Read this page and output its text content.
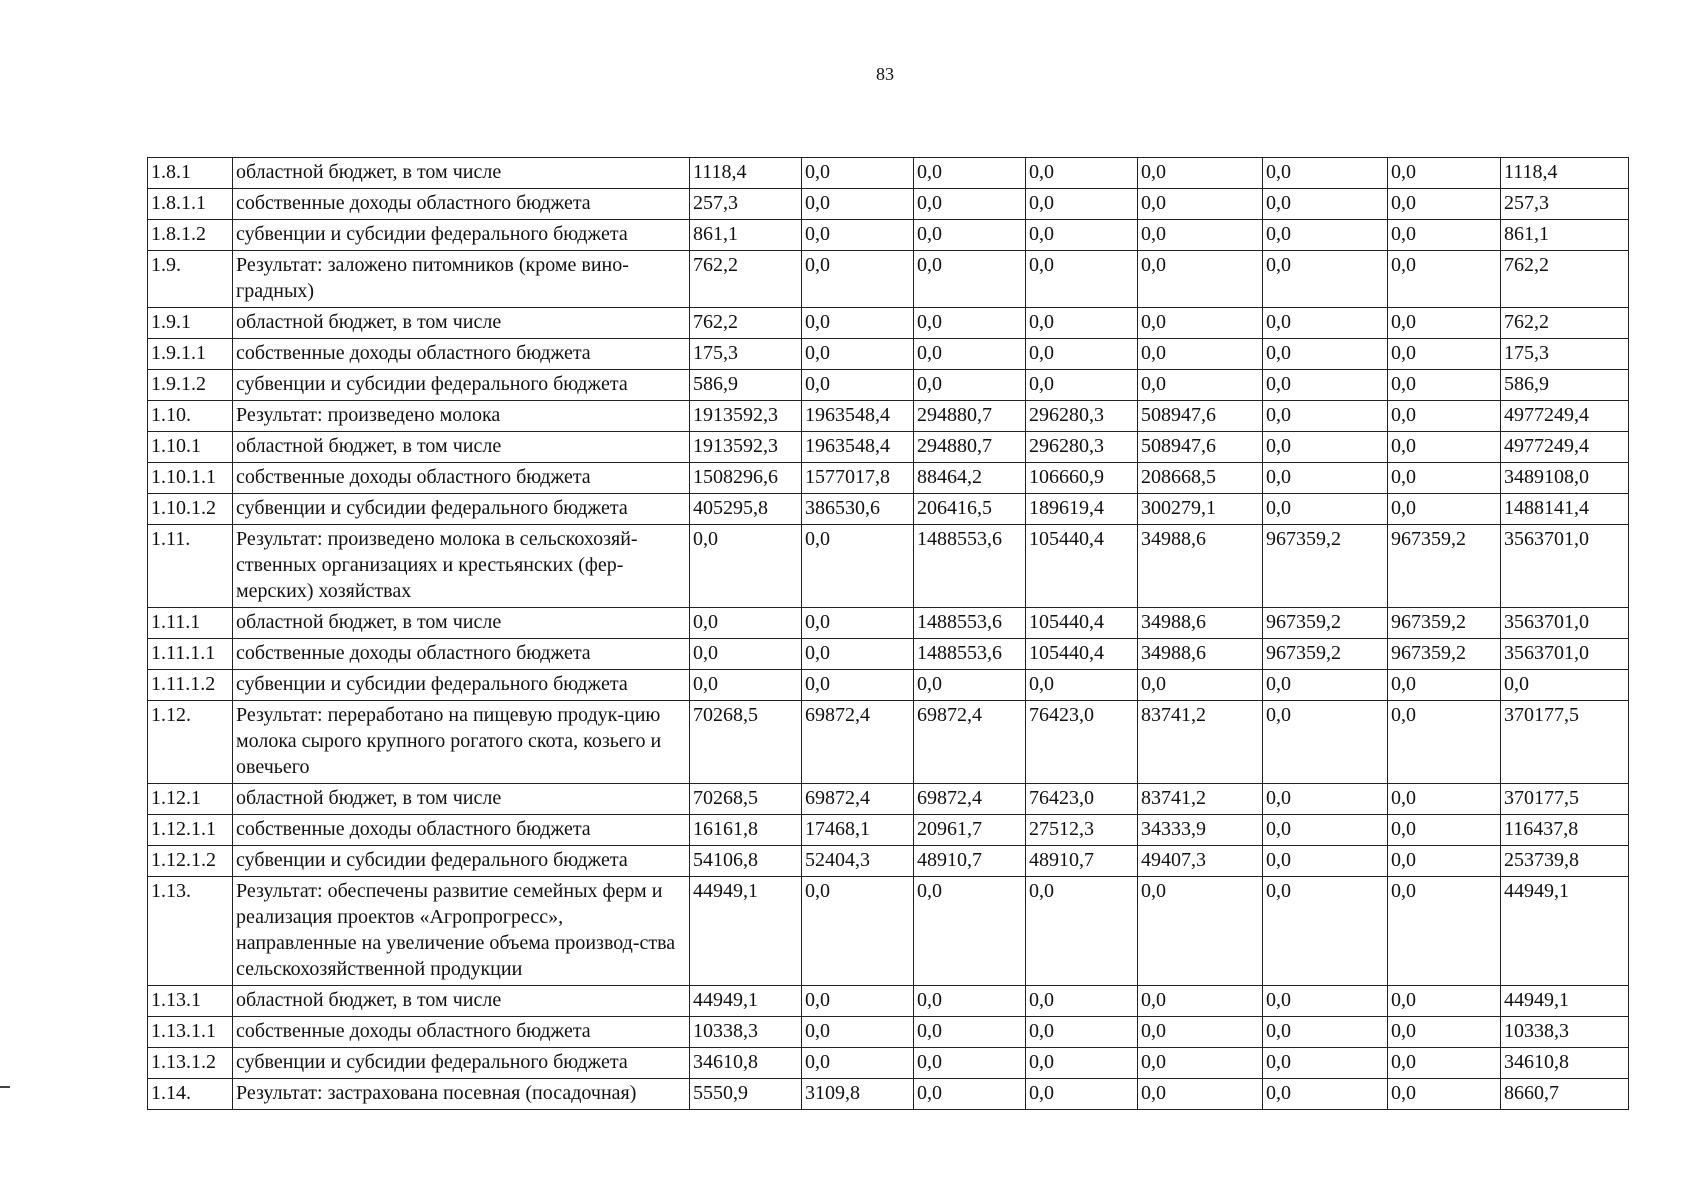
83
1.8.1	областной бюджет, в том числе	1118,4	0,0	0,0	0,0	0,0	0,0	0,0	1118,4
1.8.1.1	собственные доходы областного бюджета	257,3	0,0	0,0	0,0	0,0	0,0	0,0	257,3
1.8.1.2	субвенции и субсидии федерального бюджета	861,1	0,0	0,0	0,0	0,0	0,0	0,0	861,1
1.9.	Результат: заложено питомников (кроме вино-градных)	762,2	0,0	0,0	0,0	0,0	0,0	0,0	762,2
1.9.1	областной бюджет, в том числе	762,2	0,0	0,0	0,0	0,0	0,0	0,0	762,2
1.9.1.1	собственные доходы областного бюджета	175,3	0,0	0,0	0,0	0,0	0,0	0,0	175,3
1.9.1.2	субвенции и субсидии федерального бюджета	586,9	0,0	0,0	0,0	0,0	0,0	0,0	586,9
1.10.	Результат: произведено молока	1913592,3	1963548,4	294880,7	296280,3	508947,6	0,0	0,0	4977249,4
1.10.1	областной бюджет, в том числе	1913592,3	1963548,4	294880,7	296280,3	508947,6	0,0	0,0	4977249,4
1.10.1.1	собственные доходы областного бюджета	1508296,6	1577017,8	88464,2	106660,9	208668,5	0,0	0,0	3489108,0
1.10.1.2	субвенции и субсидии федерального бюджета	405295,8	386530,6	206416,5	189619,4	300279,1	0,0	0,0	1488141,4
1.11.	Результат: произведено молока в сельскохозяй-ственных организациях и крестьянских (фер-мерских) хозяйствах	0,0	0,0	1488553,6	105440,4	34988,6	967359,2	967359,2	3563701,0
1.11.1	областной бюджет, в том числе	0,0	0,0	1488553,6	105440,4	34988,6	967359,2	967359,2	3563701,0
1.11.1.1	собственные доходы областного бюджета	0,0	0,0	1488553,6	105440,4	34988,6	967359,2	967359,2	3563701,0
1.11.1.2	субвенции и субсидии федерального бюджета	0,0	0,0	0,0	0,0	0,0	0,0	0,0	0,0
1.12.	Результат: переработано на пищевую продук-цию молока сырого крупного рогатого скота, козьего и овечьего	70268,5	69872,4	69872,4	76423,0	83741,2	0,0	0,0	370177,5
1.12.1	областной бюджет, в том числе	70268,5	69872,4	69872,4	76423,0	83741,2	0,0	0,0	370177,5
1.12.1.1	собственные доходы областного бюджета	16161,8	17468,1	20961,7	27512,3	34333,9	0,0	0,0	116437,8
1.12.1.2	субвенции и субсидии федерального бюджета	54106,8	52404,3	48910,7	48910,7	49407,3	0,0	0,0	253739,8
1.13.	Результат: обеспечены развитие семейных ферм и реализация проектов «Агропрогресс», направленные на увеличение объема производ-ства сельскохозяйственной продукции	44949,1	0,0	0,0	0,0	0,0	0,0	0,0	44949,1
1.13.1	областной бюджет, в том числе	44949,1	0,0	0,0	0,0	0,0	0,0	0,0	44949,1
1.13.1.1	собственные доходы областного бюджета	10338,3	0,0	0,0	0,0	0,0	0,0	0,0	10338,3
1.13.1.2	субвенции и субсидии федерального бюджета	34610,8	0,0	0,0	0,0	0,0	0,0	0,0	34610,8
1.14.	Результат: застрахована посевная (посадочная)	5550,9	3109,8	0,0	0,0	0,0	0,0	0,0	8660,7
